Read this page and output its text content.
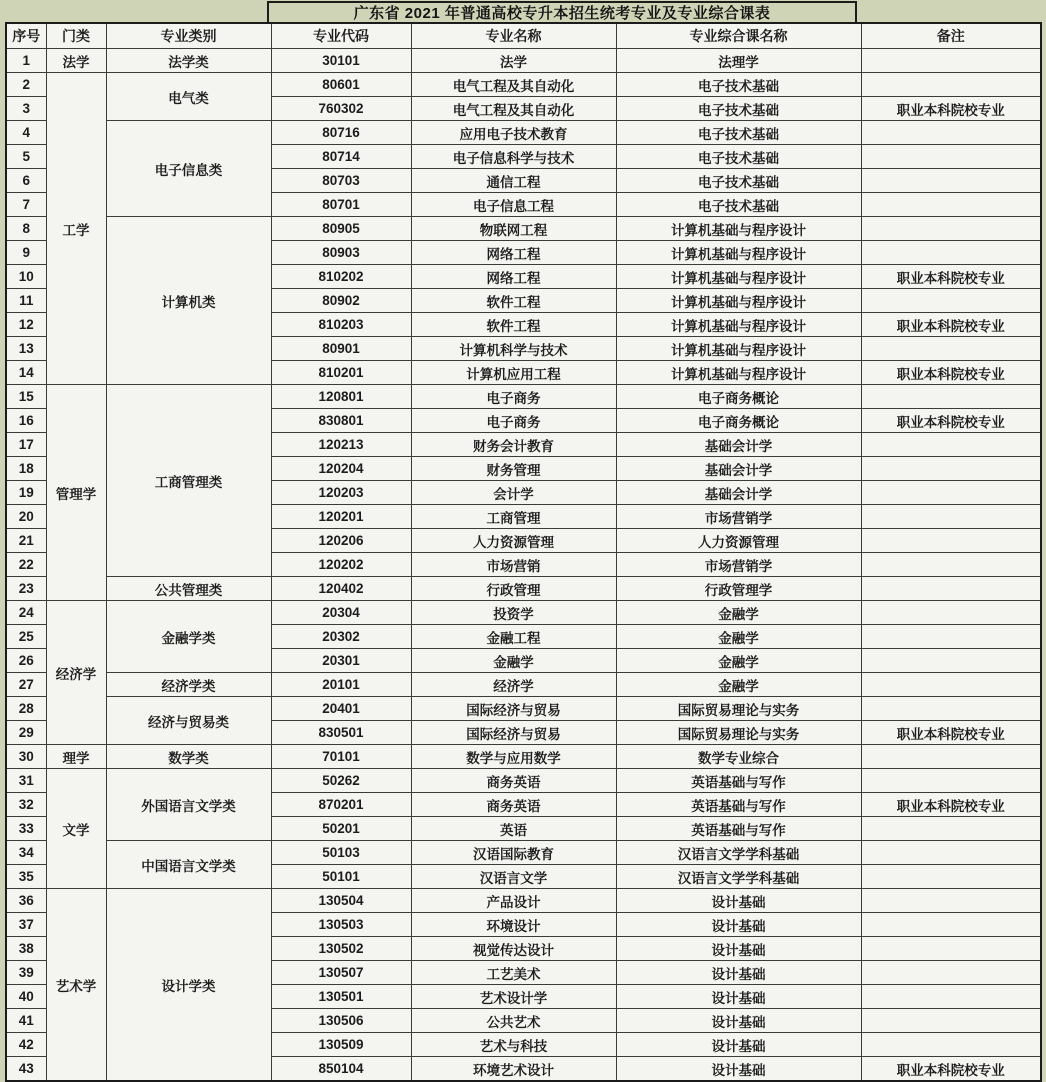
广东省 2021 年普通高校专升本招生统考专业及专业综合课表
序号	门类	专业类别	专业代码	专业名称	专业综合课名称	备注
1	法学	法学类	30101	法学	法理学	
2	工学	电气类	80601	电气工程及其自动化	电子技术基础	
3			760302	电气工程及其自动化	电子技术基础	职业本科院校专业
4		电子信息类	80716	应用电子技术教育	电子技术基础	
5			80714	电子信息科学与技术	电子技术基础	
6			80703	通信工程	电子技术基础	
7			80701	电子信息工程	电子技术基础	
8		计算机类	80905	物联网工程	计算机基础与程序设计	
9			80903	网络工程	计算机基础与程序设计	
10			810202	网络工程	计算机基础与程序设计	职业本科院校专业
11			80902	软件工程	计算机基础与程序设计	
12			810203	软件工程	计算机基础与程序设计	职业本科院校专业
13			80901	计算机科学与技术	计算机基础与程序设计	
14			810201	计算机应用工程	计算机基础与程序设计	职业本科院校专业
15	管理学	工商管理类	120801	电子商务	电子商务概论	
16			830801	电子商务	电子商务概论	职业本科院校专业
17			120213	财务会计教育	基础会计学	
18			120204	财务管理	基础会计学	
19			120203	会计学	基础会计学	
20			120201	工商管理	市场营销学	
21			120206	人力资源管理	人力资源管理	
22			120202	市场营销	市场营销学	
23		公共管理类	120402	行政管理	行政管理学	
24	经济学	金融学类	20304	投资学	金融学	
25			20302	金融工程	金融学	
26			20301	金融学	金融学	
27		经济学类	20101	经济学	金融学	
28		经济与贸易类	20401	国际经济与贸易	国际贸易理论与实务	
29			830501	国际经济与贸易	国际贸易理论与实务	职业本科院校专业
30	理学	数学类	70101	数学与应用数学	数学专业综合	
31	文学	外国语言文学类	50262	商务英语	英语基础与写作	
32			870201	商务英语	英语基础与写作	职业本科院校专业
33			50201	英语	英语基础与写作	
34		中国语言文学类	50103	汉语国际教育	汉语言文学学科基础	
35			50101	汉语言文学	汉语言文学学科基础	
36	艺术学	设计学类	130504	产品设计	设计基础	
37			130503	环境设计	设计基础	
38			130502	视觉传达设计	设计基础	
39			130507	工艺美术	设计基础	
40			130501	艺术设计学	设计基础	
41			130506	公共艺术	设计基础	
42			130509	艺术与科技	设计基础	
43			850104	环境艺术设计	设计基础	职业本科院校专业
